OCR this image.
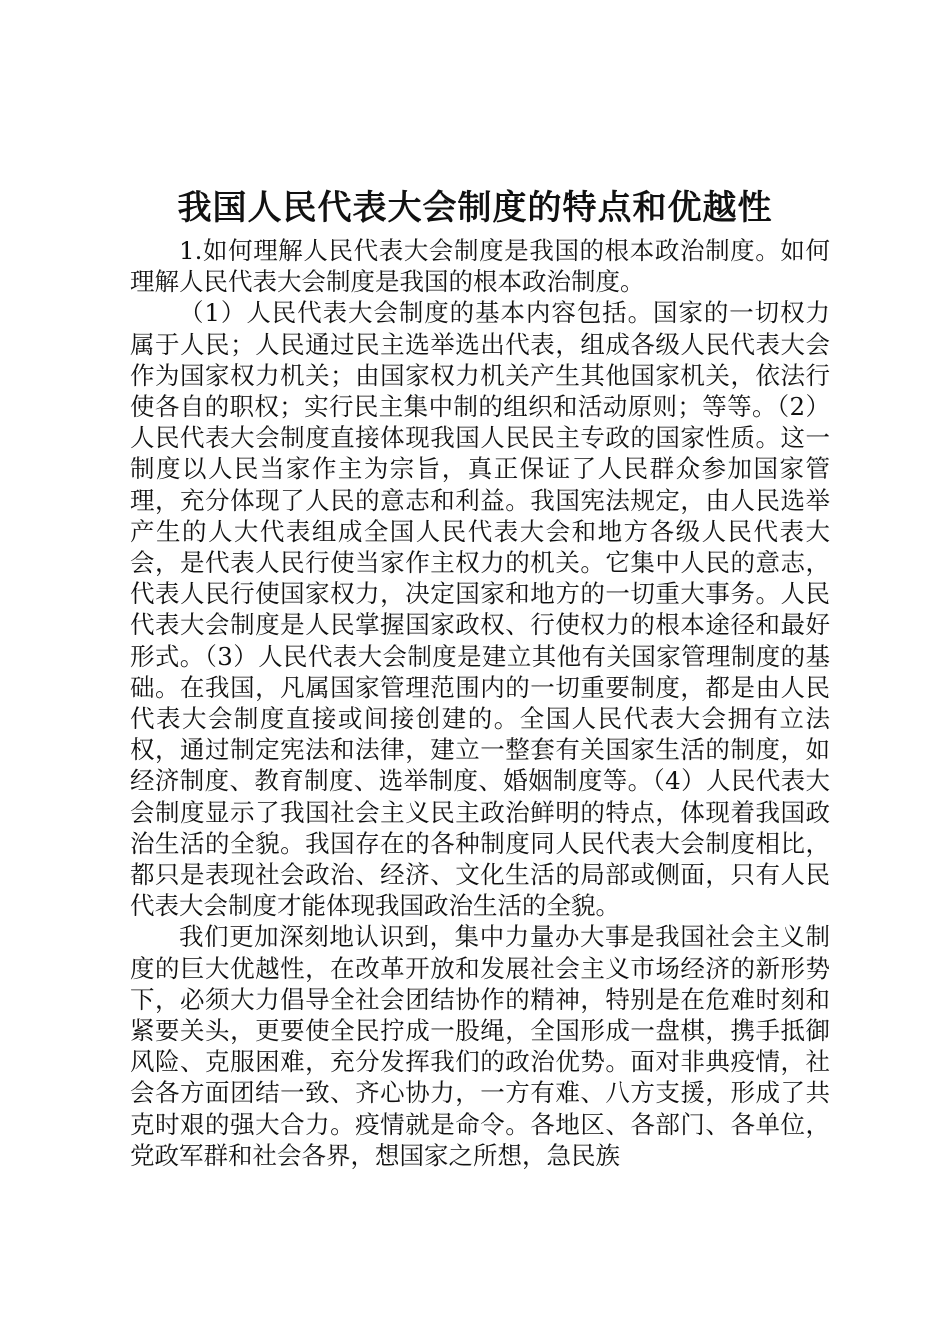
我国人民代表大会制度的特点和优越性

1.如何理解人民代表大会制度是我国的根本政治制度。如何理解人民代表大会制度是我国的根本政治制度。

（1）人民代表大会制度的基本内容包括。国家的一切权力属于人民；人民通过民主选举选出代表，组成各级人民代表大会作为国家权力机关；由国家权力机关产生其他国家机关，依法行使各自的职权；实行民主集中制的组织和活动原则；等等。（2）人民代表大会制度直接体现我国人民民主专政的国家性质。这一制度以人民当家作主为宗旨，真正保证了人民群众参加国家管理，充分体现了人民的意志和利益。我国宪法规定，由人民选举产生的人大代表组成全国人民代表大会和地方各级人民代表大会，是代表人民行使当家作主权力的机关。它集中人民的意志，代表人民行使国家权力，决定国家和地方的一切重大事务。人民代表大会制度是人民掌握国家政权、行使权力的根本途径和最好形式。（3）人民代表大会制度是建立其他有关国家管理制度的基础。在我国，凡属国家管理范围内的一切重要制度，都是由人民代表大会制度直接或间接创建的。全国人民代表大会拥有立法权，通过制定宪法和法律，建立一整套有关国家生活的制度，如经济制度、教育制度、选举制度、婚姻制度等。（4）人民代表大会制度显示了我国社会主义民主政治鲜明的特点，体现着我国政治生活的全貌。我国存在的各种制度同人民代表大会制度相比，都只是表现社会政治、经济、文化生活的局部或侧面，只有人民代表大会制度才能体现我国政治生活的全貌。

我们更加深刻地认识到，集中力量办大事是我国社会主义制度的巨大优越性，在改革开放和发展社会主义市场经济的新形势下，必须大力倡导全社会团结协作的精神，特别是在危难时刻和紧要关头，更要使全民拧成一股绳，全国形成一盘棋，携手抵御风险、克服困难，充分发挥我们的政治优势。面对非典疫情，社会各方面团结一致、齐心协力，一方有难、八方支援，形成了共克时艰的强大合力。疫情就是命令。各地区、各部门、各单位，党政军群和社会各界，想国家之所想，急民族
